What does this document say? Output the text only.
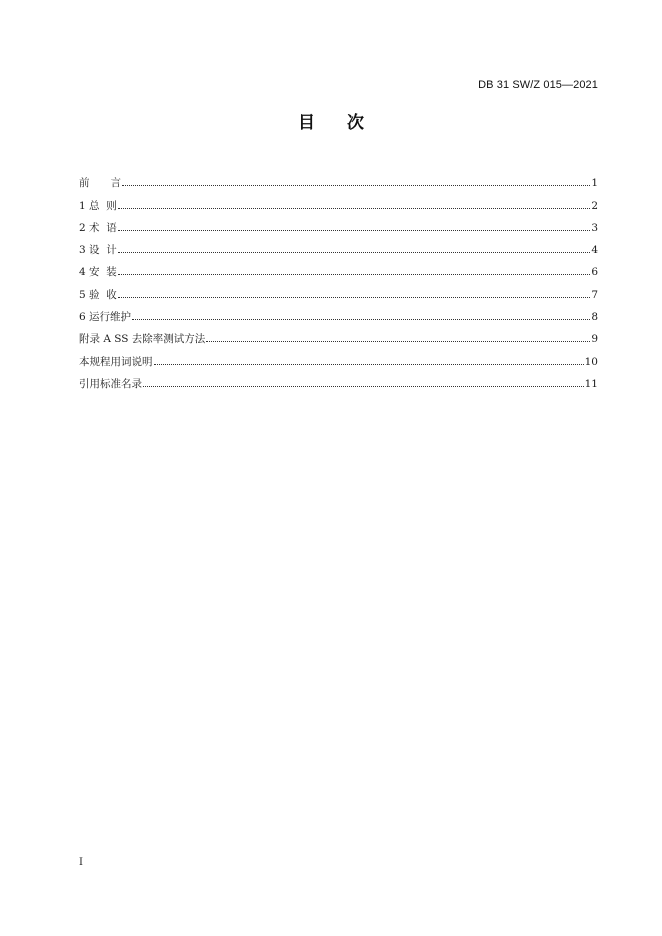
DB 31 SW/Z 015—2021
目 次
前　　言	1
1 总  则	2
2 术  语	3
3 设  计	4
4 安  装	6
5 验  收	7
6 运行维护	8
附录 A SS 去除率测试方法	9
本规程用词说明	10
引用标准名录	11
I
